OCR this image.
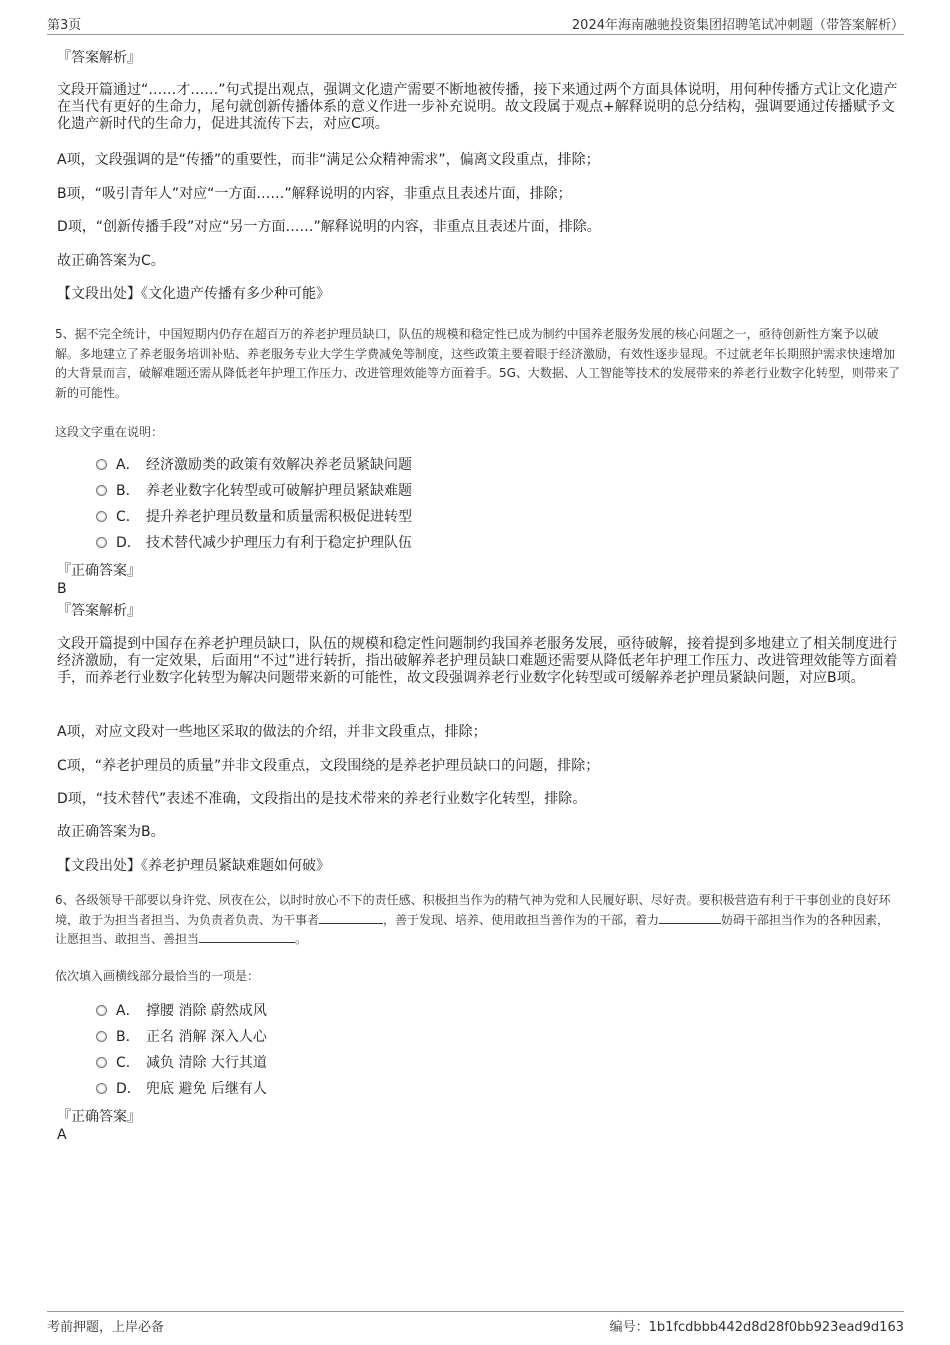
第3页	2024年海南融驰投资集团招聘笔试冲刺题（带答案解析）
『答案解析』
文段开篇通过“……才……”句式提出观点，强调文化遗产需要不断地被传播，接下来通过两个方面具体说明，用何种传播方式让文化遗产在当代有更好的生命力，尾句就创新传播体系的意义作进一步补充说明。故文段属于观点+解释说明的总分结构，强调要通过传播赋予文化遗产新时代的生命力，促进其流传下去，对应C项。
A项，文段强调的是“传播”的重要性，而非“满足公众精神需求”，偏离文段重点，排除；
B项，“吸引青年人”对应“一方面……”解释说明的内容，非重点且表述片面，排除；
D项，“创新传播手段”对应“另一方面……”解释说明的内容，非重点且表述片面，排除。
故正确答案为C。
【文段出处】《文化遗产传播有多少种可能》
5、据不完全统计，中国短期内仍存在超百万的养老护理员缺口，队伍的规模和稳定性已成为制约中国养老服务发展的核心问题之一，亟待创新性方案予以破解。多地建立了养老服务培训补贴、养老服务专业大学生学费减免等制度，这些政策主要着眼于经济激励，有效性逐步显现。不过就老年长期照护需求快速增加的大背景而言，破解难题还需从降低老年护理工作压力、改进管理效能等方面着手。5G、大数据、人工智能等技术的发展带来的养老行业数字化转型，则带来了新的可能性。
这段文字重在说明：
A． 经济激励类的政策有效解决养老员紧缺问题
B． 养老业数字化转型或可破解护理员紧缺难题
C． 提升养老护理员数量和质量需积极促进转型
D． 技术替代减少护理压力有利于稳定护理队伍
『正确答案』
B
『答案解析』
文段开篇提到中国存在养老护理员缺口，队伍的规模和稳定性问题制约我国养老服务发展，亟待破解，接着提到多地建立了相关制度进行经济激励，有一定效果，后面用“不过”进行转折，指出破解养老护理员缺口难题还需要从降低老年护理工作压力、改进管理效能等方面着手，而养老行业数字化转型为解决问题带来新的可能性，故文段强调养老行业数字化转型或可缓解养老护理员紧缺问题，对应B项。
A项，对应文段对一些地区采取的做法的介绍，并非文段重点，排除；
C项，“养老护理员的质量”并非文段重点，文段围绕的是养老护理员缺口的问题，排除；
D项，“技术替代”表述不准确，文段指出的是技术带来的养老行业数字化转型，排除。
故正确答案为B。
【文段出处】《养老护理员紧缺难题如何破》
6、各级领导干部要以身许党、夙夜在公，以时时放心不下的责任感、积极担当作为的精气神为党和人民履好职、尽好责。要积极营造有利于干事创业的良好环境，敢于为担当者担当、为负责者负责、为干事者	，善于发现、培养、使用敢担当善作为的干部，着力	妨碍干部担当作为的各种因素，让愿担当、敢担当、善担当	。
依次填入画横线部分最恰当的一项是：
A． 撑腰 消除 蔚然成风
B． 正名 消解 深入人心
C． 减负 清除 大行其道
D． 兜底 避免 后继有人
『正确答案』
A
考前押题，上岸必备	编号：1b1fcdbbb442d8d28f0bb923ead9d163
